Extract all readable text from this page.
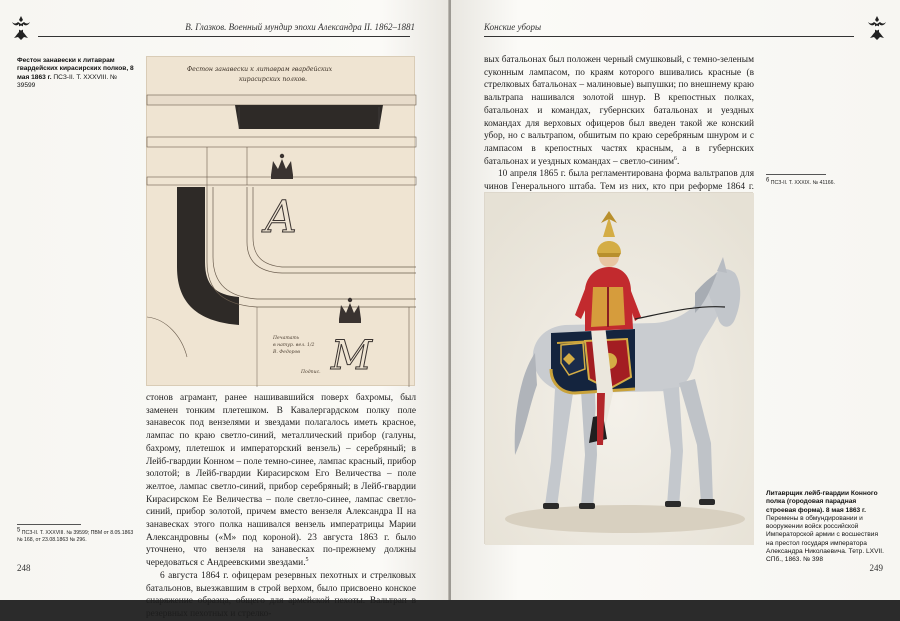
В. Глазков. Военный мундир эпохи Александра II. 1862–1881
Фестон занавески к литаврам гвардейских кирасирских полков, 8 мая 1863 г. ПСЗ-II. Т. XXXVIII. № 39599
Фестон занавески к литаврам гвардейских
кирасирских полков.
A
M
Печатать
в натур. вел. 1/2
В. Федоров
Подпис.

стонов аграмант, ранее нашивавшийся поверх бахромы, был заменен тонким плетешком. В Кавалергардском полку поле занавесок под вензелями и звездами полагалось иметь красное, лампас по краю светло-синий, металлический прибор (галуны, бахрому, плетешок и императорский вензель) – серебряный; в Лейб-гвардии Конном – поле темно-синее, лампас красный, прибор золотой; в Лейб-гвардии Кирасирском Его Величества – поле желтое, лампас светло-синий, прибор серебряный; в Лейб-гвардии Кирасирском Ее Величества – поле светло-синее, лампас светло-синий, прибор золотой, причем вместо вензеля Александра II на занавесках этого полка нашивался вензель императрицы Марии Александровны («М» под короной). 23 августа 1863 г. было уточнено, что вензеля на занавесках по-прежнему должны чередоваться с Андреевскими звездами.$^5$

6 августа 1864 г. офицерам резервных пехотных и стрелковых батальонов, выезжавшим в строй верхом, было присвоено конское снаряжение образца, общего для армейской пехоты. Вальтрап в резервных пехотных и стрелко-

$^5$ ПСЗ-II. Т. XXXVIII. № 39599; ПВМ от 8.05.1863 № 168, от 23.08.1863 № 296.
248
Конские уборы

вых батальонах был положен черный смушковый, с темно-зеленым суконным лампасом, по краям которого вшивались красные (в стрелковых батальонах – малиновые) выпушки; по внешнему краю вальтрапа нашивался золотой шнур. В крепостных полках, батальонах и командах, губернских батальонах и уездных командах для верховых офицеров был введен такой же конский убор, но с вальтрапом, обшитым по краю серебряным шнуром и с лампасом в крепостных частях красным, а в губернских батальонах и уездных командах – светло-синим$^6$.

10 апреля 1865 г. была регламентирована форма вальтрапов для чинов Генерального штаба. Тем из них, кто при реформе 1864 г.

$^6$ ПСЗ-II. Т. XXXIX. № 41166.
Литаврщик лейб-гвардии Конного полка (городовая парадная строевая форма). 8 мая 1863 г. Перемены в обмундировании и вооружении войск российской Императорской армии с восшествия на престол государя императора Александра Николаевича. Тетр. LXVII. СПб., 1863. № 398
249
